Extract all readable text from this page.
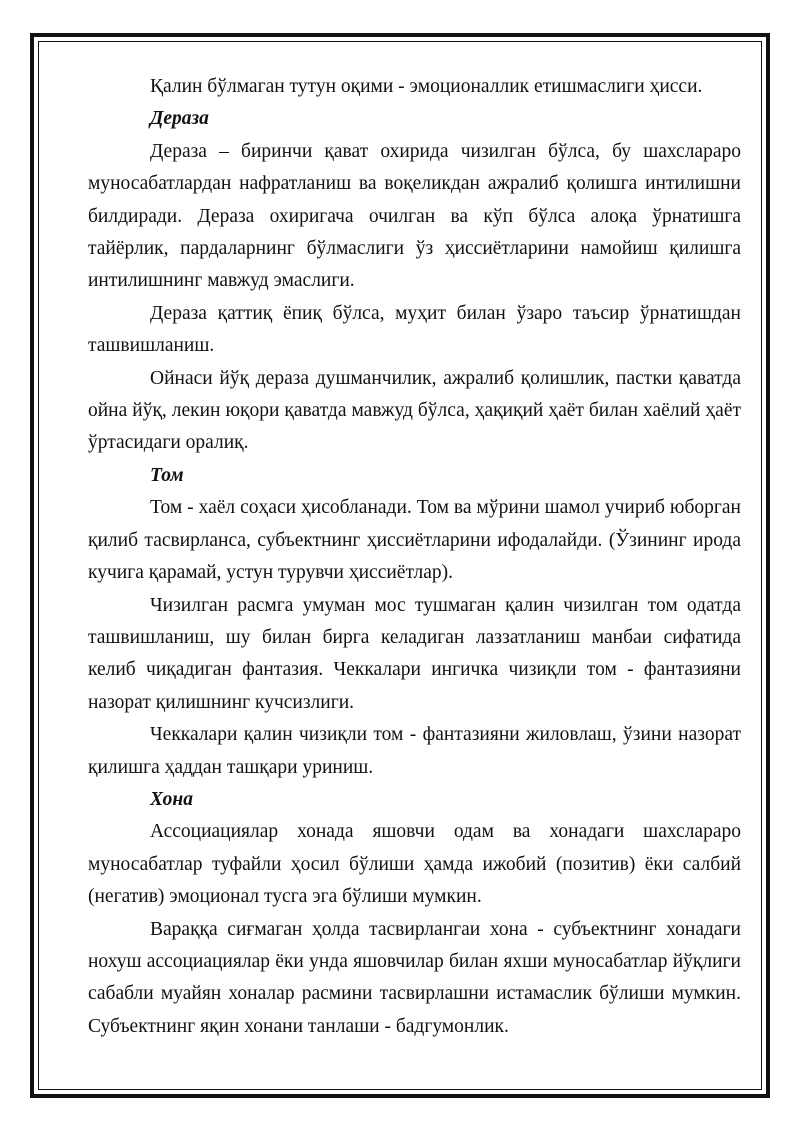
Қалин бўлмаган тутун оқими - эмоционаллик етишмаслиги ҳисси.

Дераза

Дераза – биринчи қават охирида чизилган бўлса, бу шахслараро муносабатлардан нафратланиш ва воқеликдан ажралиб қолишга интилишни билдиради. Дераза охиригача очилган ва кўп бўлса алоқа ўрнатишга тайёрлик, пардаларнинг бўлмаслиги ўз ҳиссиётларини намойиш қилишга интилишнинг мавжуд эмаслиги.

Дераза қаттиқ ёпиқ бўлса, муҳит билан ўзаро таъсир ўрнатишдан ташвишланиш.

Ойнаси йўқ дераза душманчилик, ажралиб қолишлик, пастки қаватда ойна йўқ, лекин юқори қаватда мавжуд бўлса, ҳақиқий ҳаёт билан хаёлий ҳаёт ўртасидаги оралиқ.

Том

Том - хаёл соҳаси ҳисобланади. Том ва мўрини шамол учириб юборган қилиб тасвирланса, субъектнинг ҳиссиётларини ифодалайди. (Ўзининг ирода кучига қарамай, устун турувчи ҳиссиётлар).

Чизилган расмга умуман мос тушмаган қалин чизилган том одатда ташвишланиш, шу билан бирга келадиган лаззатланиш манбаи сифатида келиб чиқадиган фантазия. Чеккалари ингичка чизиқли том - фантазияни назорат қилишнинг кучсизлиги.

Чеккалари қалин чизиқли том - фантазияни жиловлаш, ўзини назорат қилишга ҳаддан ташқари уриниш.

Хона

Ассоциациялар хонада яшовчи одам ва хонадаги шахслараро муносабатлар туфайли ҳосил бўлиши ҳамда ижобий (позитив) ёки салбий (негатив) эмоционал тусга эга бўлиши мумкин.

Вараққа сиғмаган ҳолда тасвирлангаи хона - субъектнинг хонадаги нохуш ассоциациялар ёки унда яшовчилар билан яхши муносабатлар йўқлиги сабабли муайян хоналар расмини тасвирлашни истамаслик бўлиши мумкин. Субъектнинг яқин хонани танлаши - бадгумонлик.
